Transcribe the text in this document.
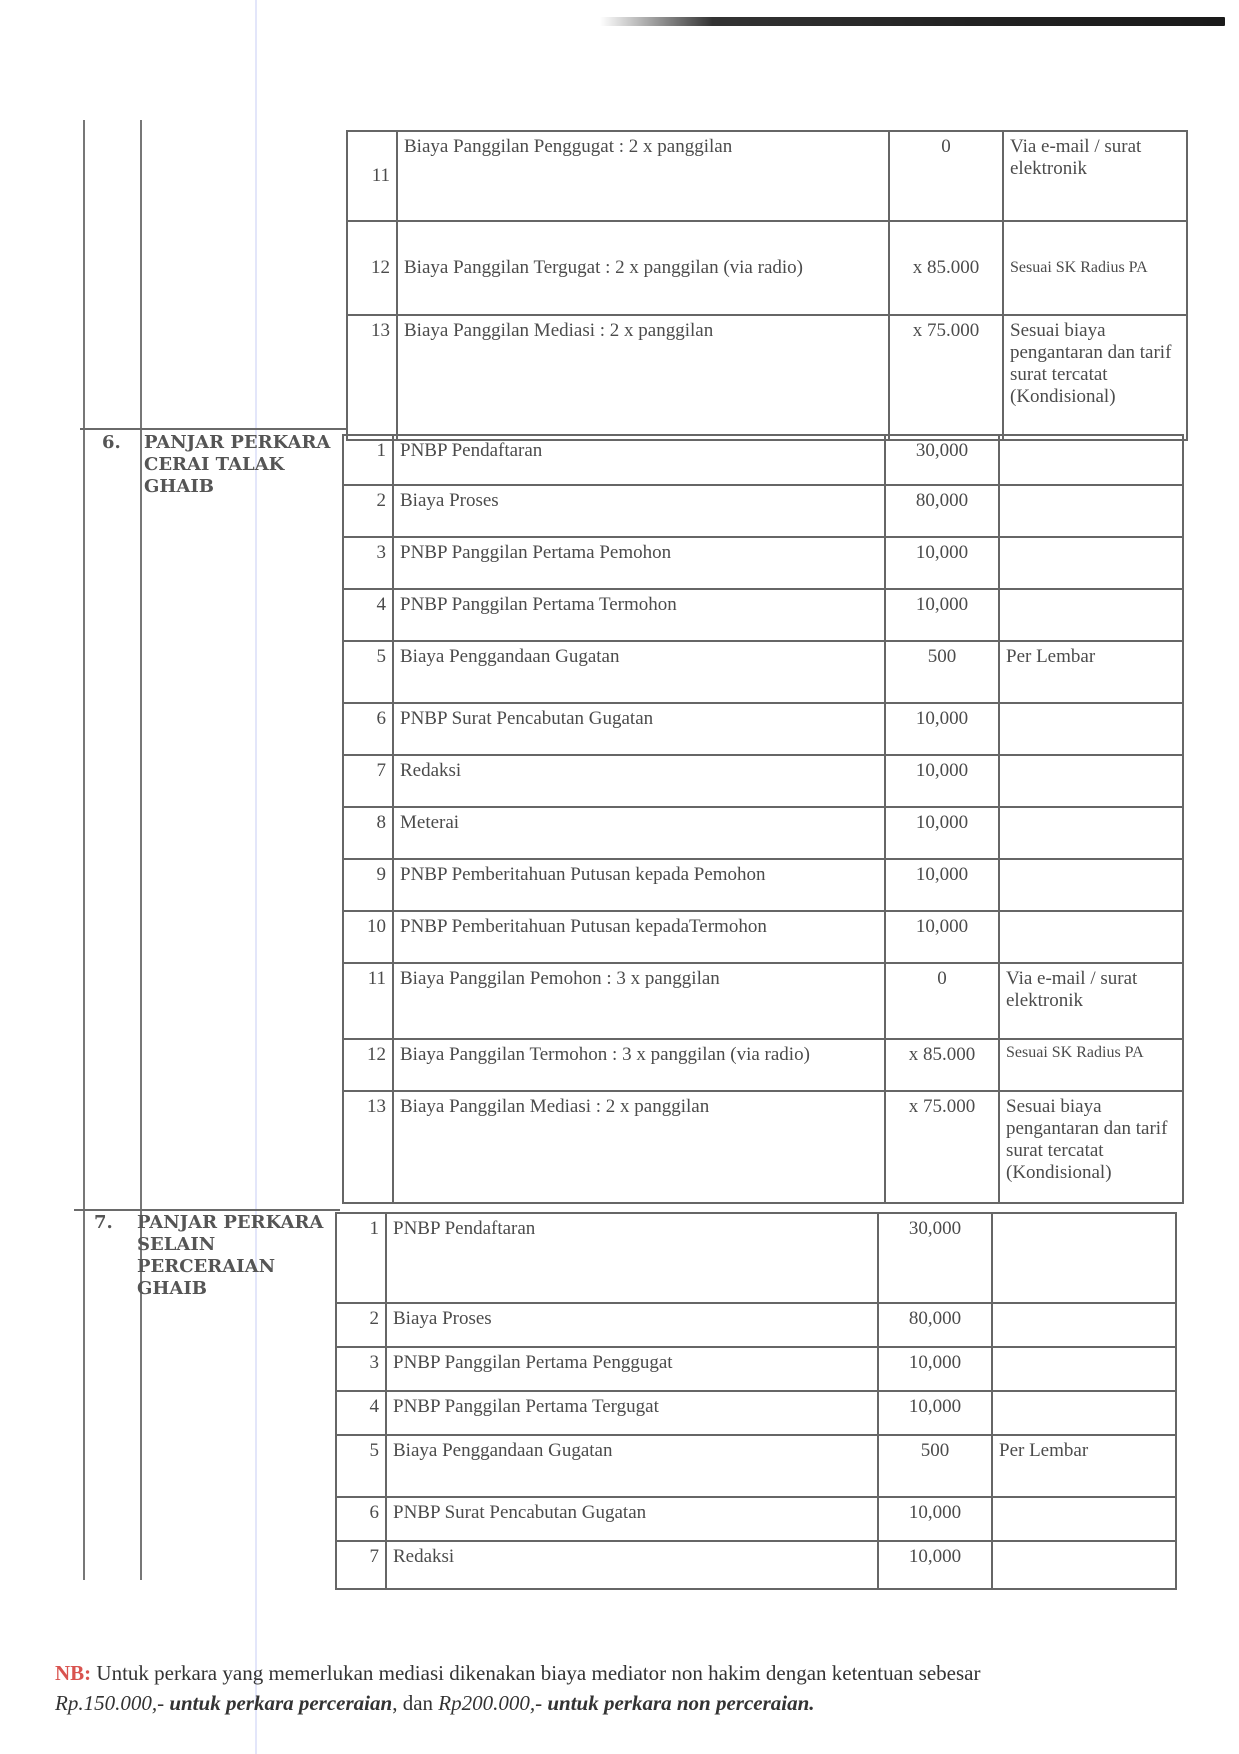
6. PANJAR PERKARA CERAI TALAK GHAIB
7. PANJAR PERKARA SELAIN PERCERAIAN GHAIB
11	Biaya Panggilan Penggugat : 2 x panggilan	0	Via e-mail / surat elektronik
12	Biaya Panggilan Tergugat : 2 x panggilan (via radio)	x 85.000	Sesuai SK Radius PA
13	Biaya Panggilan Mediasi : 2 x panggilan	x 75.000	Sesuai biaya pengantaran dan tarif surat tercatat (Kondisional)
1	PNBP Pendaftaran	30,000	
2	Biaya Proses	80,000	
3	PNBP Panggilan Pertama Pemohon	10,000	
4	PNBP Panggilan Pertama Termohon	10,000	
5	Biaya Penggandaan Gugatan	500	Per Lembar
6	PNBP Surat Pencabutan Gugatan	10,000	
7	Redaksi	10,000	
8	Meterai	10,000	
9	PNBP Pemberitahuan Putusan kepada Pemohon	10,000	
10	PNBP Pemberitahuan Putusan kepadaTermohon	10,000	
11	Biaya Panggilan Pemohon : 3 x panggilan	0	Via e-mail / surat elektronik
12	Biaya Panggilan Termohon : 3 x panggilan (via radio)	x 85.000	Sesuai SK Radius PA
13	Biaya Panggilan Mediasi : 2 x panggilan	x 75.000	Sesuai biaya pengantaran dan tarif surat tercatat (Kondisional)
1	PNBP Pendaftaran	30,000	
2	Biaya Proses	80,000	
3	PNBP Panggilan Pertama Penggugat	10,000	
4	PNBP Panggilan Pertama Tergugat	10,000	
5	Biaya Penggandaan Gugatan	500	Per Lembar
6	PNBP Surat Pencabutan Gugatan	10,000	
7	Redaksi	10,000	
NB: Untuk perkara yang memerlukan mediasi dikenakan biaya mediator non hakim dengan ketentuan sebesar
Rp.150.000,- untuk perkara perceraian, dan Rp200.000,- untuk perkara non perceraian.
